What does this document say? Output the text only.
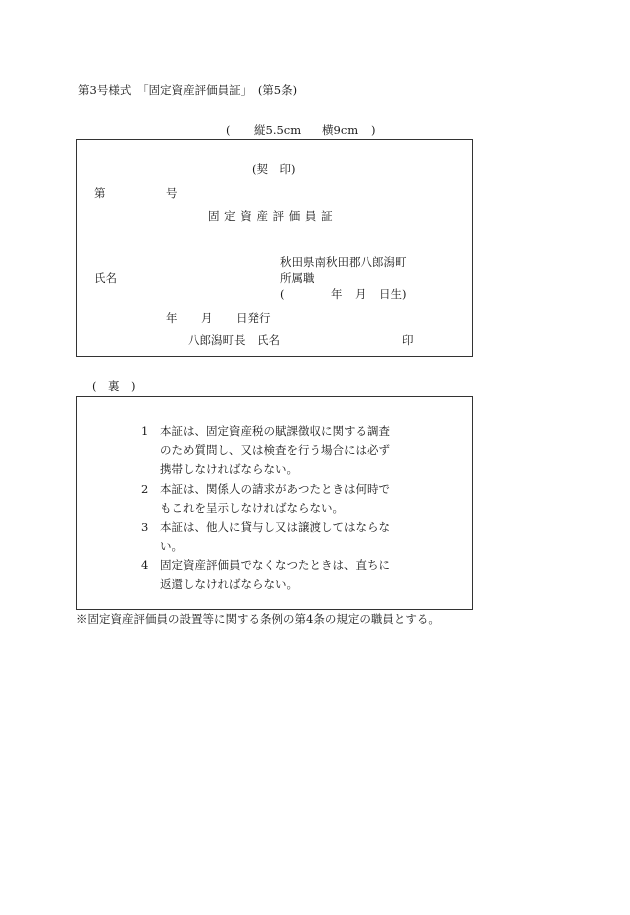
第3号様式　「固定資産評価員証」　(第5条)
( 縦5.5cm 横9cm )
(契　印)
第	号
固 定 資 産 評 価 員 証
秋田県南秋田郡八郎潟町
氏名	所属職
(	年 月 日生)
年 月 日発行
八郎潟町長　氏名	印
(　裏　)
1 本証は、固定資産税の賦課徴収に関する調査
のため質問し、又は検査を行う場合には必ず
携帯しなければならない。
2 本証は、関係人の請求があつたときは何時で
もこれを呈示しなければならない。
3 本証は、他人に貸与し又は譲渡してはならな
い。
4 固定資産評価員でなくなつたときは、直ちに
返還しなければならない。
※固定資産評価員の設置等に関する条例の第4条の規定の職員とする。
